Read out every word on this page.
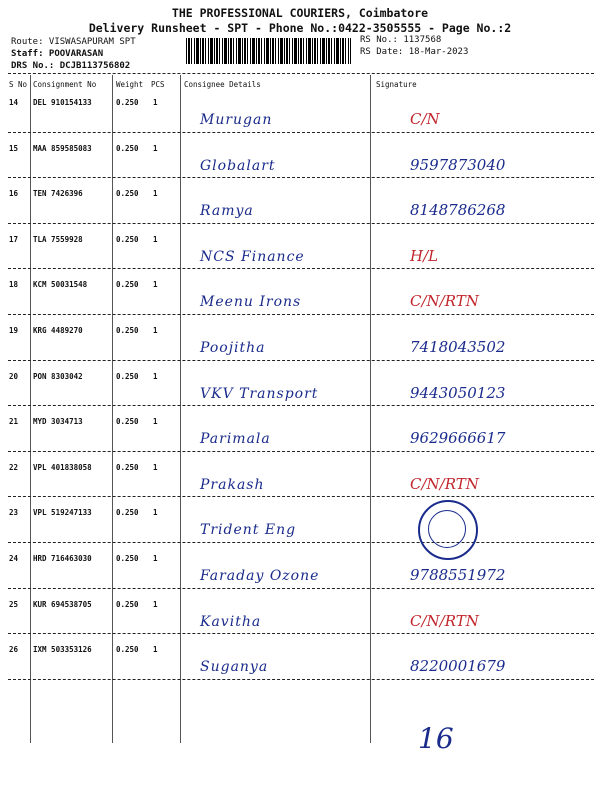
THE PROFESSIONAL COURIERS, Coimbatore
Delivery Runsheet - SPT - Phone No.:0422-3505555 - Page No.:2
Route: VISWASAPURAM SPT
Staff: POOVARASAN
DRS No.: DCJB113756802
RS No.: 1137568
RS Date: 18-Mar-2023
S No Consignment No	Weight PCS	Consignee Details	Signature
14 DEL 910154133	0.250 1
Murugan	C/N
15 MAA 859585083	0.250 1
Globalart	9597873040
16 TEN 7426396	0.250 1
Ramya	8148786268
17 TLA 7559928	0.250 1
NCS Finance	H/L
18 KCM 50031548	0.250 1
Meenu Irons	C/N/RTN
19 KRG 4489270	0.250 1
Poojitha	7418043502
20 PON 8303042	0.250 1
VKV Transport	9443050123
21 MYD 3034713	0.250 1
Parimala	9629666617
22 VPL 401838058	0.250 1
Prakash	C/N/RTN
23 VPL 519247133	0.250 1
Trident Eng
24 HRD 716463030	0.250 1
Faraday Ozone	9788551972
25 KUR 694538705	0.250 1
Kavitha	C/N/RTN
26 IXM 503353126	0.250 1
Suganya	8220001679
16
